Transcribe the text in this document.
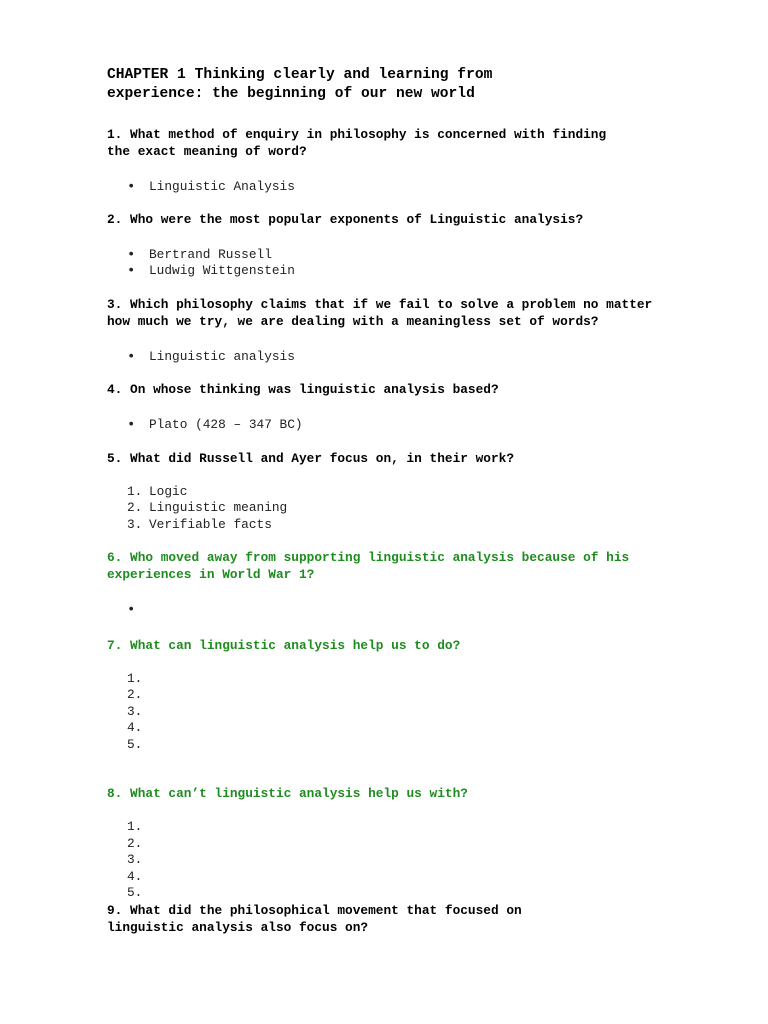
CHAPTER 1 Thinking clearly and learning from experience: the beginning of our new world

1. What method of enquiry in philosophy is concerned with finding the exact meaning of word?

• Linguistic Analysis

2. Who were the most popular exponents of Linguistic analysis?

• Bertrand Russell
• Ludwig Wittgenstein

3. Which philosophy claims that if we fail to solve a problem no matter how much we try, we are dealing with a meaningless set of words?

• Linguistic analysis

4. On whose thinking was linguistic analysis based?

• Plato (428 – 347 BC)

5. What did Russell and Ayer focus on, in their work?

1. Logic
2. Linguistic meaning
3. Verifiable facts

6. Who moved away from supporting linguistic analysis because of his experiences in World War 1?

•

7. What can linguistic analysis help us to do?

1.
2.
3.
4.
5.

8. What can’t linguistic analysis help us with?

1.
2.
3.
4.
5.

9. What did the philosophical movement that focused on linguistic analysis also focus on?
